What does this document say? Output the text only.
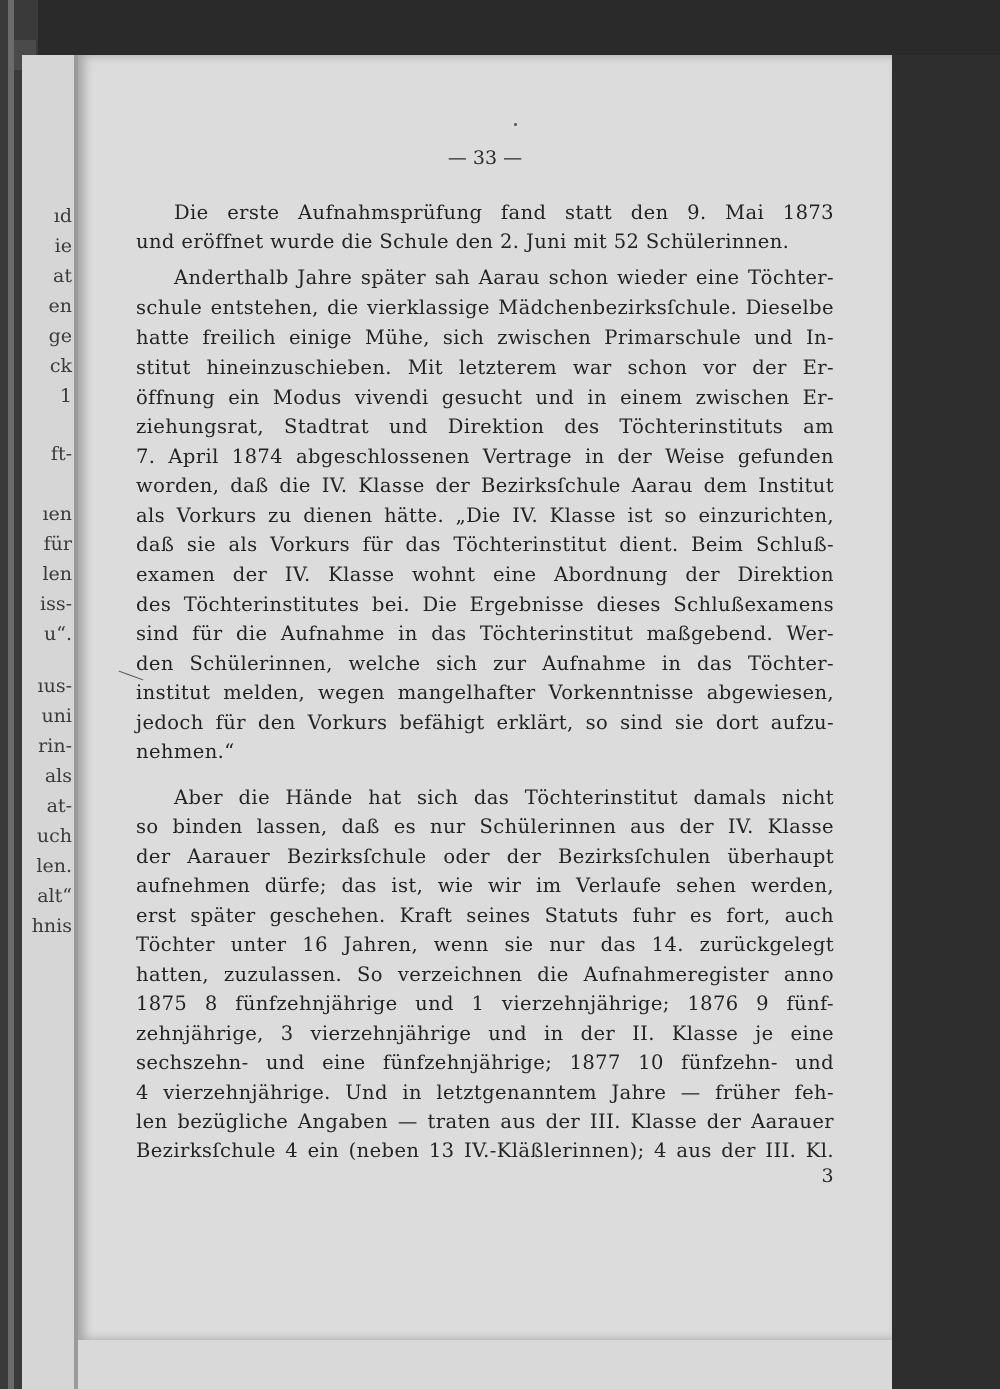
ıd
ie
at
en
ge
ck
1
ft-
ıen
für
len
iss-
u“.
ıus-
uni
rin-
als
at-
uch
len.
alt“
hnis
— 33 —
Die erste Aufnahmsprüfung fand statt den 9. Mai 1873
und eröffnet wurde die Schule den 2. Juni mit 52 Schülerinnen.
Anderthalb Jahre später sah Aarau schon wieder eine Töchter-
schule entstehen, die vierklassige Mädchenbezirksſchule. Dieselbe
hatte freilich einige Mühe, sich zwischen Primarschule und In-
stitut hineinzuschieben. Mit letzterem war schon vor der Er-
öffnung ein Modus vivendi gesucht und in einem zwischen Er-
ziehungsrat, Stadtrat und Direktion des Töchterinstituts am
7. April 1874 abgeschlossenen Vertrage in der Weise gefunden
worden, daß die IV. Klasse der Bezirksſchule Aarau dem Institut
als Vorkurs zu dienen hätte. „Die IV. Klasse ist so einzurichten,
daß sie als Vorkurs für das Töchterinstitut dient. Beim Schluß-
examen der IV. Klasse wohnt eine Abordnung der Direktion
des Töchterinstitutes bei. Die Ergebnisse dieses Schlußexamens
sind für die Aufnahme in das Töchterinstitut maßgebend. Wer-
den Schülerinnen, welche sich zur Aufnahme in das Töchter-
institut melden, wegen mangelhafter Vorkenntnisse abgewiesen,
jedoch für den Vorkurs befähigt erklärt, so sind sie dort aufzu-
nehmen.“
Aber die Hände hat sich das Töchterinstitut damals nicht
so binden lassen, daß es nur Schülerinnen aus der IV. Klasse
der Aarauer Bezirksſchule oder der Bezirksſchulen überhaupt
aufnehmen dürfe; das ist, wie wir im Verlaufe sehen werden,
erst später geschehen. Kraft seines Statuts fuhr es fort, auch
Töchter unter 16 Jahren, wenn sie nur das 14. zurückgelegt
hatten, zuzulassen. So verzeichnen die Aufnahmeregister anno
1875 8 fünfzehnjährige und 1 vierzehnjährige; 1876 9 fünf-
zehnjährige, 3 vierzehnjährige und in der II. Klasse je eine
sechszehn- und eine fünfzehnjährige; 1877 10 fünfzehn- und
4 vierzehnjährige. Und in letztgenanntem Jahre — früher feh-
len bezügliche Angaben — traten aus der III. Klasse der Aarauer
Bezirksſchule 4 ein (neben 13 IV.-Kläßlerinnen); 4 aus der III. Kl.
3
